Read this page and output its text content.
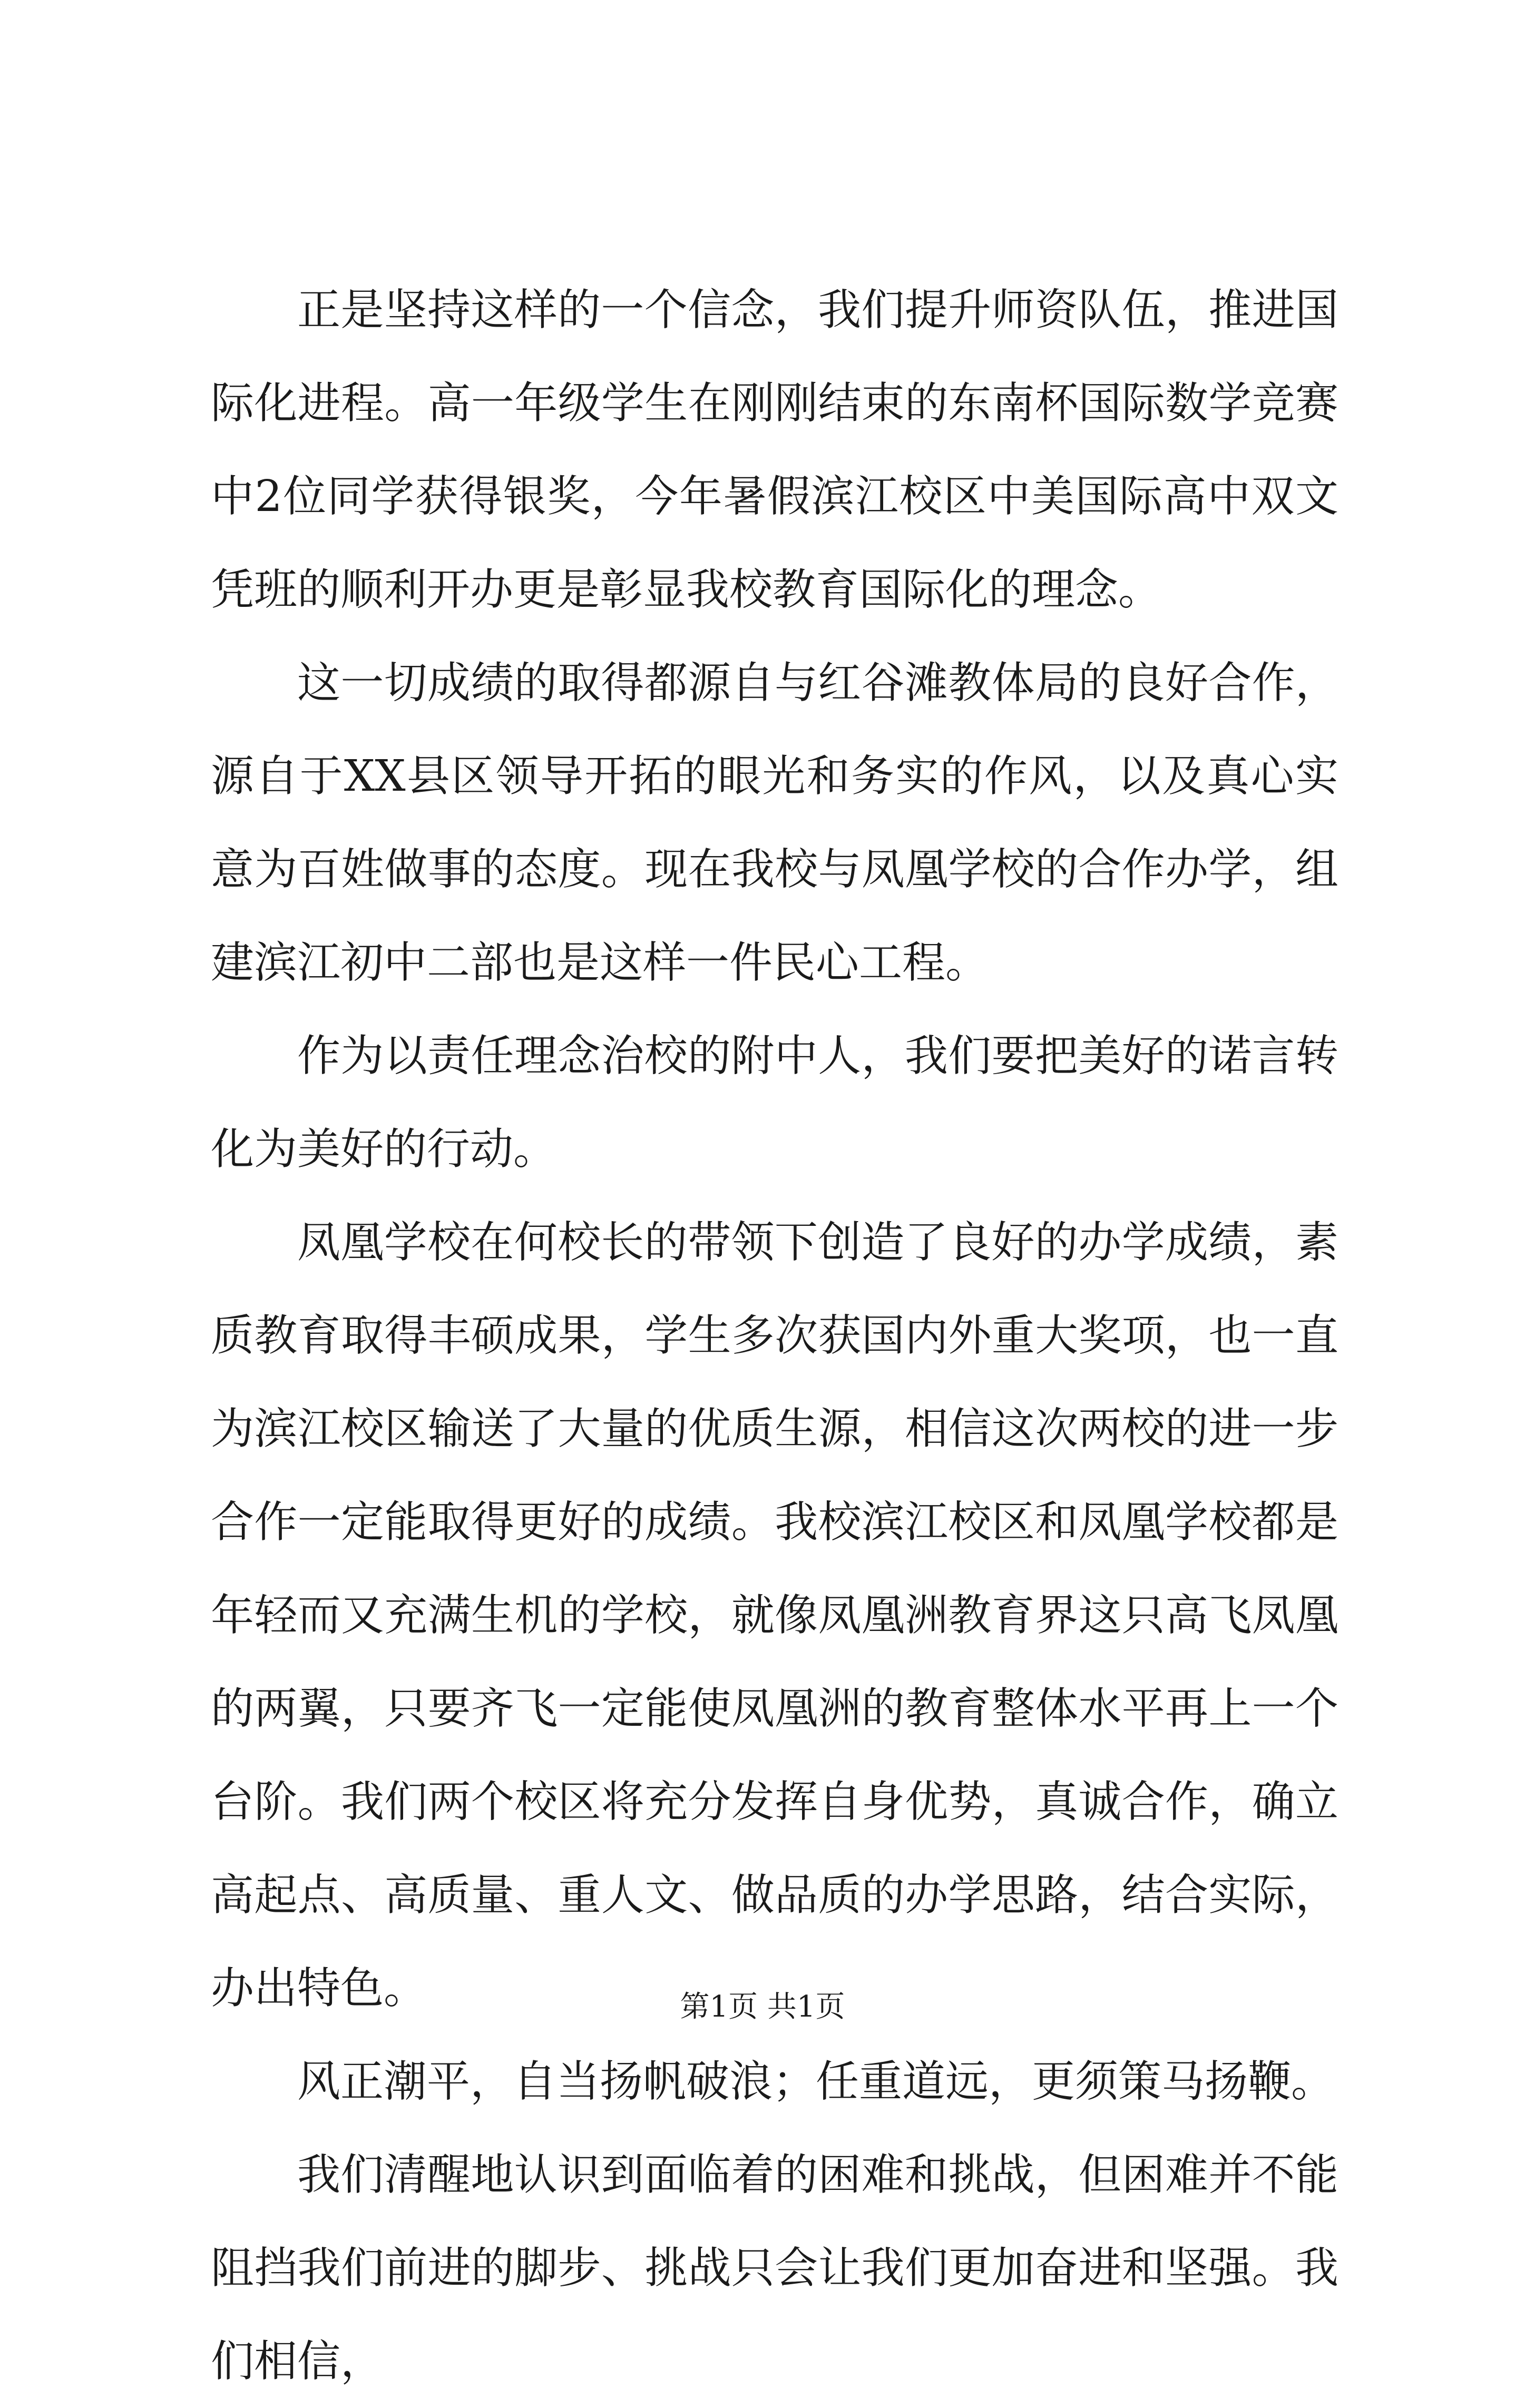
正是坚持这样的一个信念，我们提升师资队伍，推进国际化进程。高一年级学生在刚刚结束的东南杯国际数学竞赛中2位同学获得银奖，今年暑假滨江校区中美国际高中双文凭班的顺利开办更是彰显我校教育国际化的理念。

这一切成绩的取得都源自与红谷滩教体局的良好合作，源自于XX县区领导开拓的眼光和务实的作风，以及真心实意为百姓做事的态度。现在我校与凤凰学校的合作办学，组建滨江初中二部也是这样一件民心工程。

作为以责任理念治校的附中人，我们要把美好的诺言转化为美好的行动。

凤凰学校在何校长的带领下创造了良好的办学成绩，素质教育取得丰硕成果，学生多次获国内外重大奖项，也一直为滨江校区输送了大量的优质生源，相信这次两校的进一步合作一定能取得更好的成绩。我校滨江校区和凤凰学校都是年轻而又充满生机的学校，就像凤凰洲教育界这只高飞凤凰的两翼，只要齐飞一定能使凤凰洲的教育整体水平再上一个台阶。我们两个校区将充分发挥自身优势，真诚合作，确立高起点、高质量、重人文、做品质的办学思路，结合实际，办出特色。

风正潮平，自当扬帆破浪；任重道远，更须策马扬鞭。

我们清醒地认识到面临着的困难和挑战，但困难并不能阻挡我们前进的脚步、挑战只会让我们更加奋进和坚强。我们相信，

第1页 共1页
